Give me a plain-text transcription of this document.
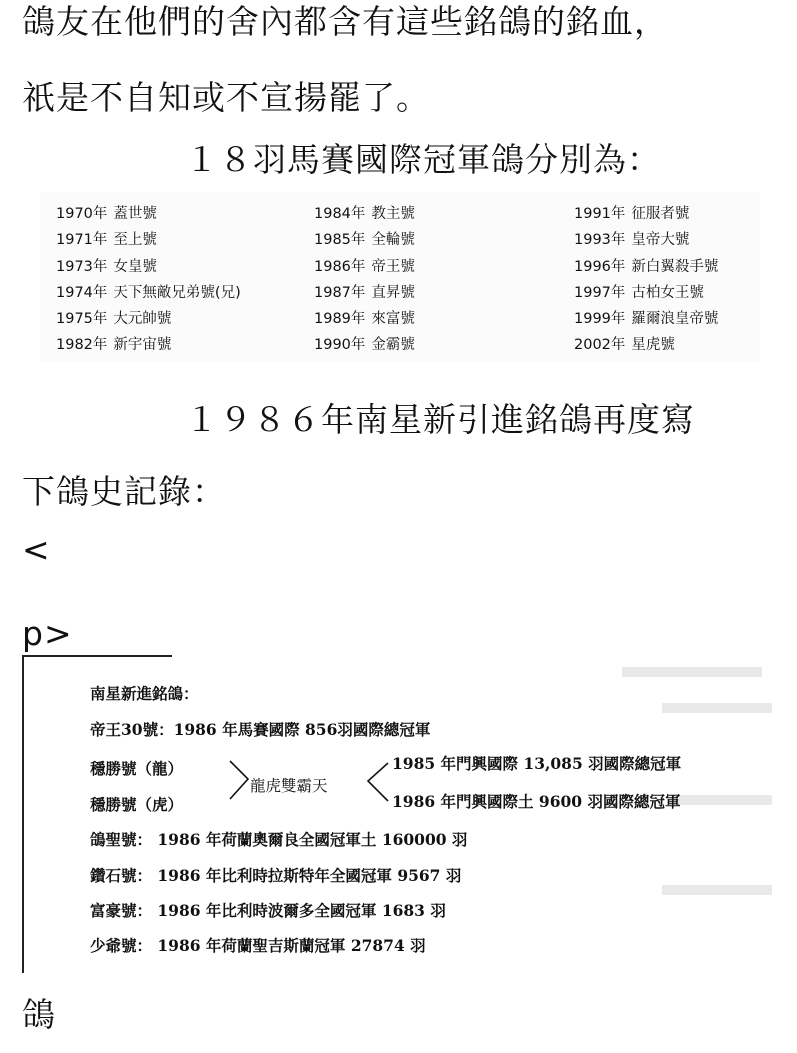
鴿友在他們的舍內都含有這些銘鴿的銘血，
祇是不自知或不宣揚罷了。
１８羽馬賽國際冠軍鴿分別為：
1970年 蓋世號
1971年 至上號
1973年 女皇號
1974年 天下無敵兄弟號(兄)
1975年 大元帥號
1982年 新宇宙號
1984年 教主號
1985年 全輪號
1986年 帝王號
1987年 直昇號
1989年 來富號
1990年 金霸號
1991年 征服者號
1993年 皇帝大號
1996年 新白翼殺手號
1997年 古柏女王號
1999年 羅爾浪皇帝號
2002年 星虎號
１９８６年南星新引進銘鴿再度寫
下鴿史記錄：
<
p>
南星新進銘鴿：
帝王30號：1986 年馬賽國際 856羽國際總冠軍
穩勝號（龍）
穩勝號（虎）
龍虎雙霸天
1985 年門興國際 13,085 羽國際總冠軍
1986 年門興國際土 9600 羽國際總冠軍
鴿聖號： 1986 年荷蘭奧爾良全國冠軍土 160000 羽
鑽石號： 1986 年比利時拉斯特年全國冠軍 9567 羽
富豪號： 1986 年比利時波爾多全國冠軍 1683 羽
少爺號： 1986 年荷蘭聖吉斯蘭冠軍 27874 羽
鴿
